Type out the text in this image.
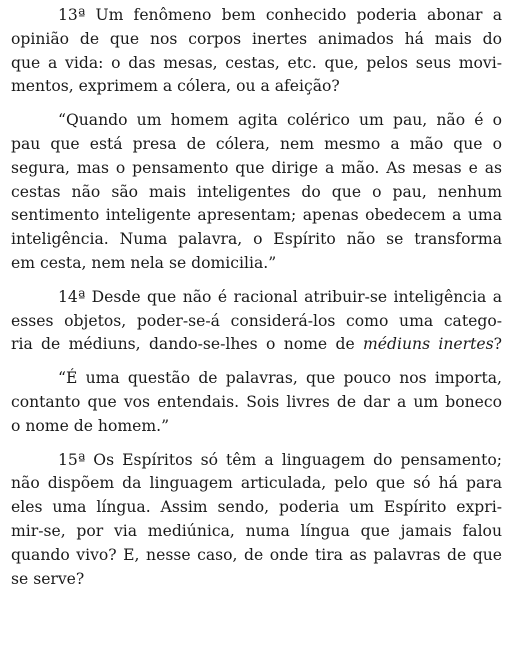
13ª Um fenômeno bem conhecido poderia abonar a
opinião de que nos corpos inertes animados há mais do
que a vida: o das mesas, cestas, etc. que, pelos seus movi-
mentos, exprimem a cólera, ou a afeição?

“Quando um homem agita colérico um pau, não é o
pau que está presa de cólera, nem mesmo a mão que o
segura, mas o pensamento que dirige a mão. As mesas e as
cestas não são mais inteligentes do que o pau, nenhum
sentimento inteligente apresentam; apenas obedecem a uma
inteligência. Numa palavra, o Espírito não se transforma
em cesta, nem nela se domicilia.”

14ª Desde que não é racional atribuir-se inteligência a
esses objetos, poder-se-á considerá-los como uma catego-
ria de médiuns, dando-se-lhes o nome de médiuns inertes?

“É uma questão de palavras, que pouco nos importa,
contanto que vos entendais. Sois livres de dar a um boneco
o nome de homem.”

15ª Os Espíritos só têm a linguagem do pensamento;
não dispõem da linguagem articulada, pelo que só há para
eles uma língua. Assim sendo, poderia um Espírito expri-
mir-se, por via mediúnica, numa língua que jamais falou
quando vivo? E, nesse caso, de onde tira as palavras de que
se serve?
